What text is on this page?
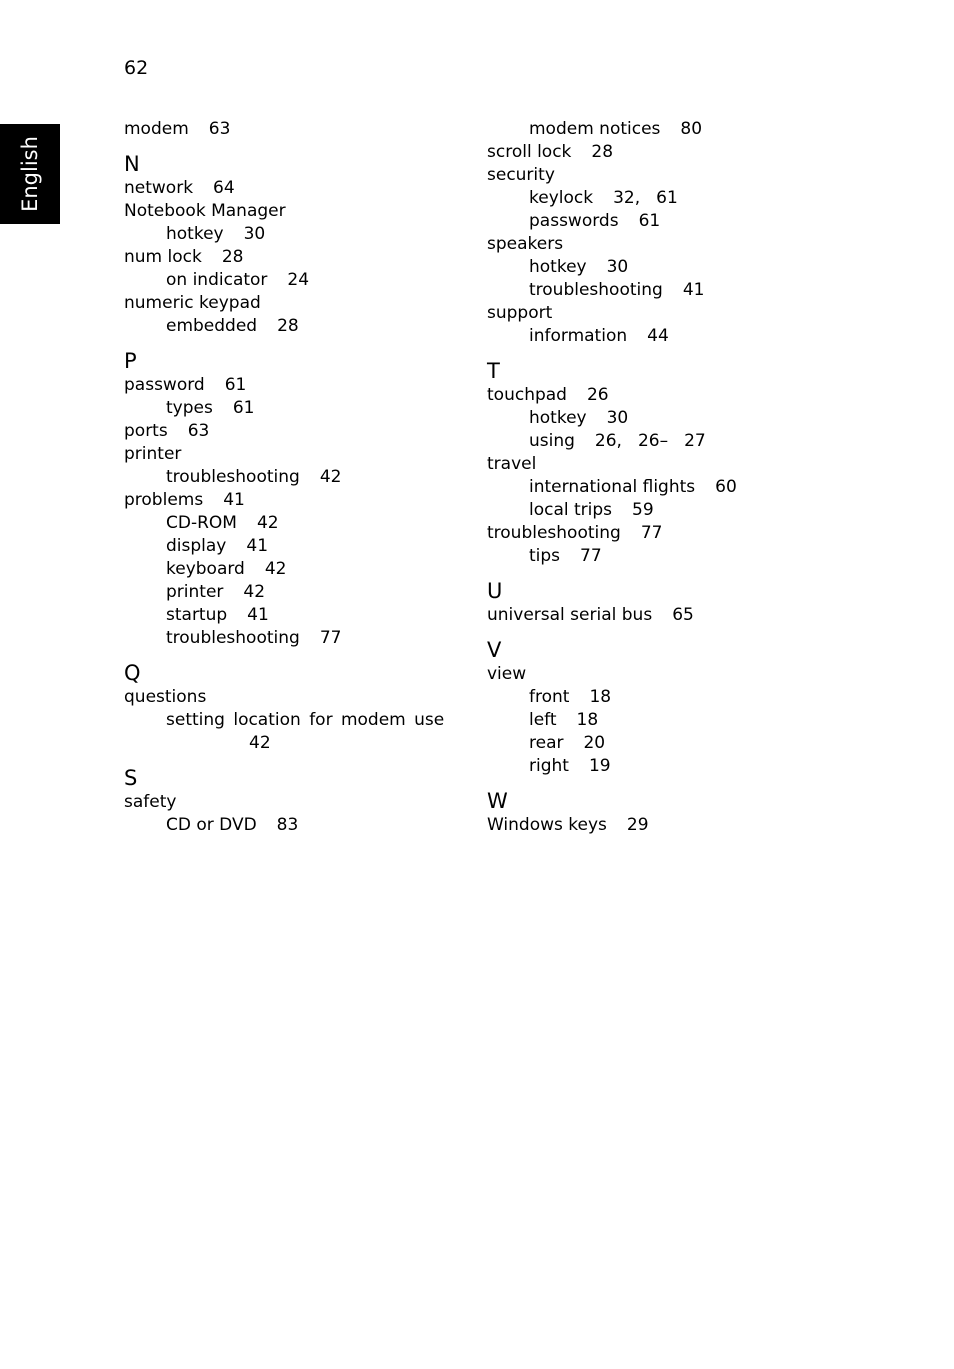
62
English
modem 63
N
network 64
Notebook Manager
hotkey 30
num lock 28
on indicator 24
numeric keypad
embedded 28
P
password 61
types 61
ports 63
printer
troubleshooting 42
problems 41
CD-ROM 42
display 41
keyboard 42
printer 42
startup 41
troubleshooting 77
Q
questions
setting location for modem use
42
S
safety
CD or DVD 83
modem notices 80
scroll lock 28
security
keylock 32, 61
passwords 61
speakers
hotkey 30
troubleshooting 41
support
information 44
T
touchpad 26
hotkey 30
using 26, 26– 27
travel
international flights 60
local trips 59
troubleshooting 77
tips 77
U
universal serial bus 65
V
view
front 18
left 18
rear 20
right 19
W
Windows keys 29
